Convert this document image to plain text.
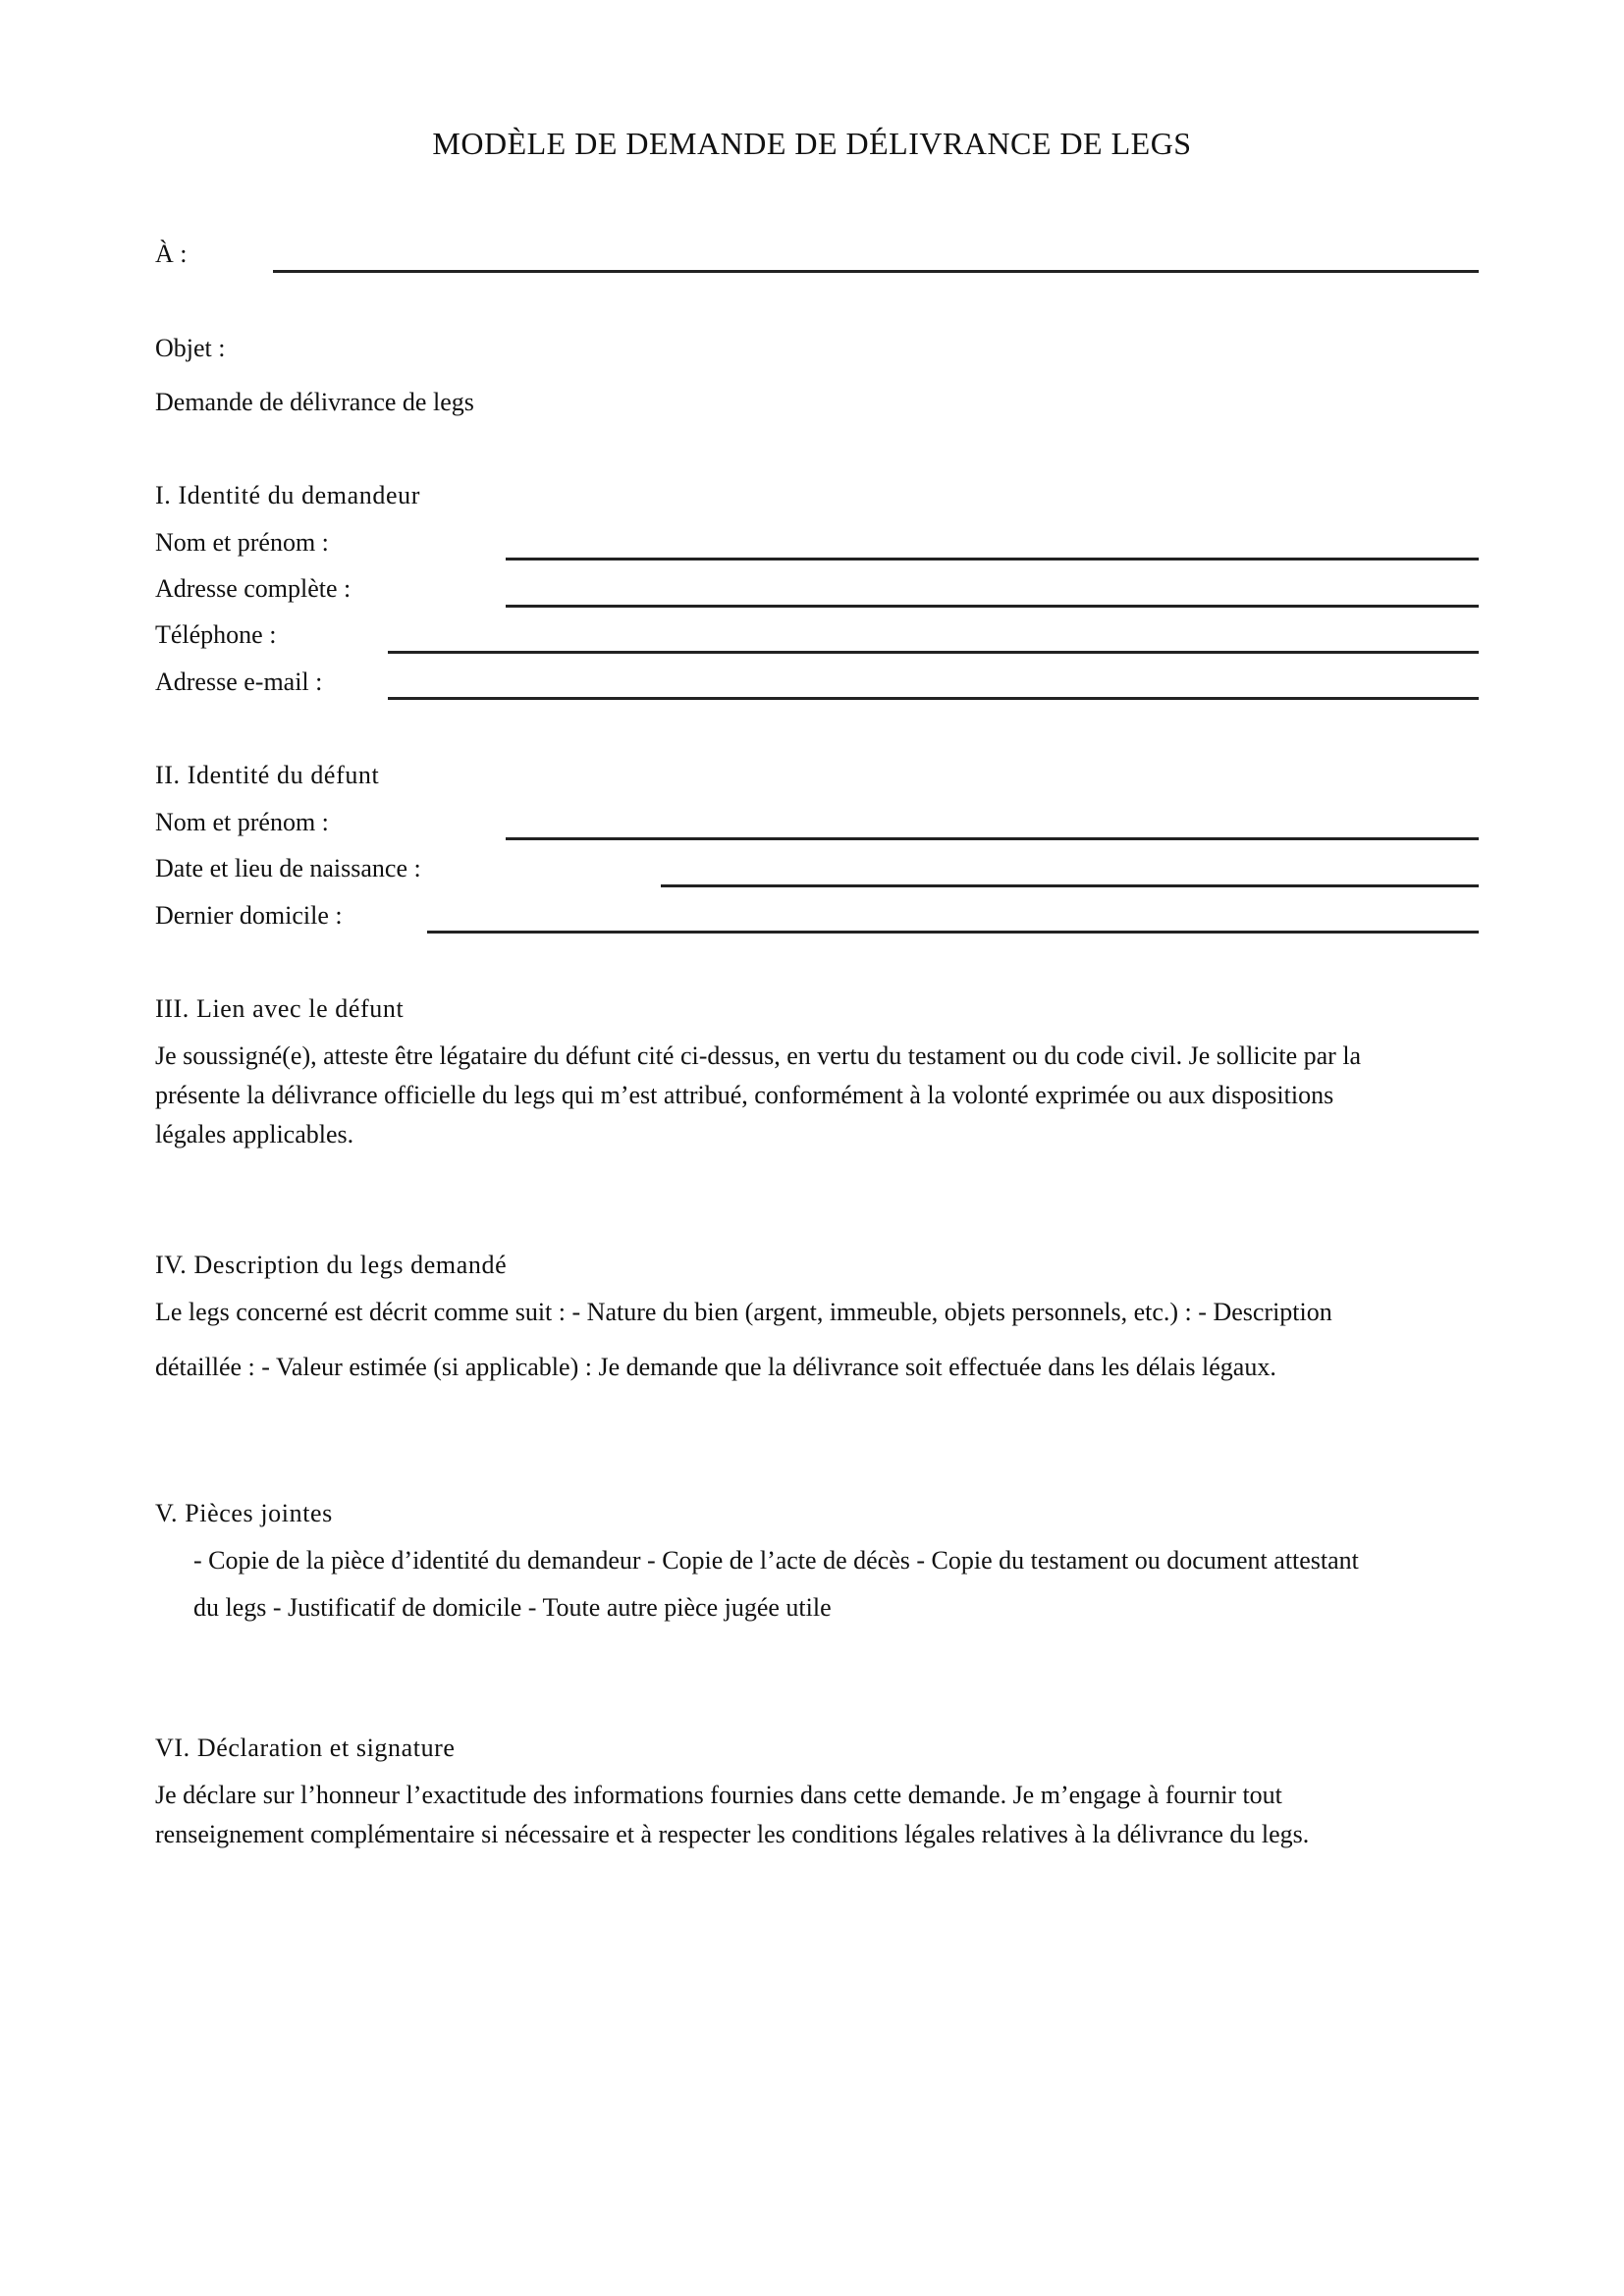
MODÈLE DE DEMANDE DE DÉLIVRANCE DE LEGS
À :
Objet :
Demande de délivrance de legs
I. Identité du demandeur
Nom et prénom :
Adresse complète :
Téléphone :
Adresse e-mail :
II. Identité du défunt
Nom et prénom :
Date et lieu de naissance :
Dernier domicile :
III. Lien avec le défunt
Je soussigné(e), atteste être légataire du défunt cité ci-dessus, en vertu du testament ou du code civil. Je sollicite par la
présente la délivrance officielle du legs qui m’est attribué, conformément à la volonté exprimée ou aux dispositions
légales applicables.
IV. Description du legs demandé
Le legs concerné est décrit comme suit : - Nature du bien (argent, immeuble, objets personnels, etc.) : - Description
détaillée : - Valeur estimée (si applicable) : Je demande que la délivrance soit effectuée dans les délais légaux.
V. Pièces jointes
- Copie de la pièce d’identité du demandeur - Copie de l’acte de décès - Copie du testament ou document attestant
du legs - Justificatif de domicile - Toute autre pièce jugée utile
VI. Déclaration et signature
Je déclare sur l’honneur l’exactitude des informations fournies dans cette demande. Je m’engage à fournir tout
renseignement complémentaire si nécessaire et à respecter les conditions légales relatives à la délivrance du legs.
